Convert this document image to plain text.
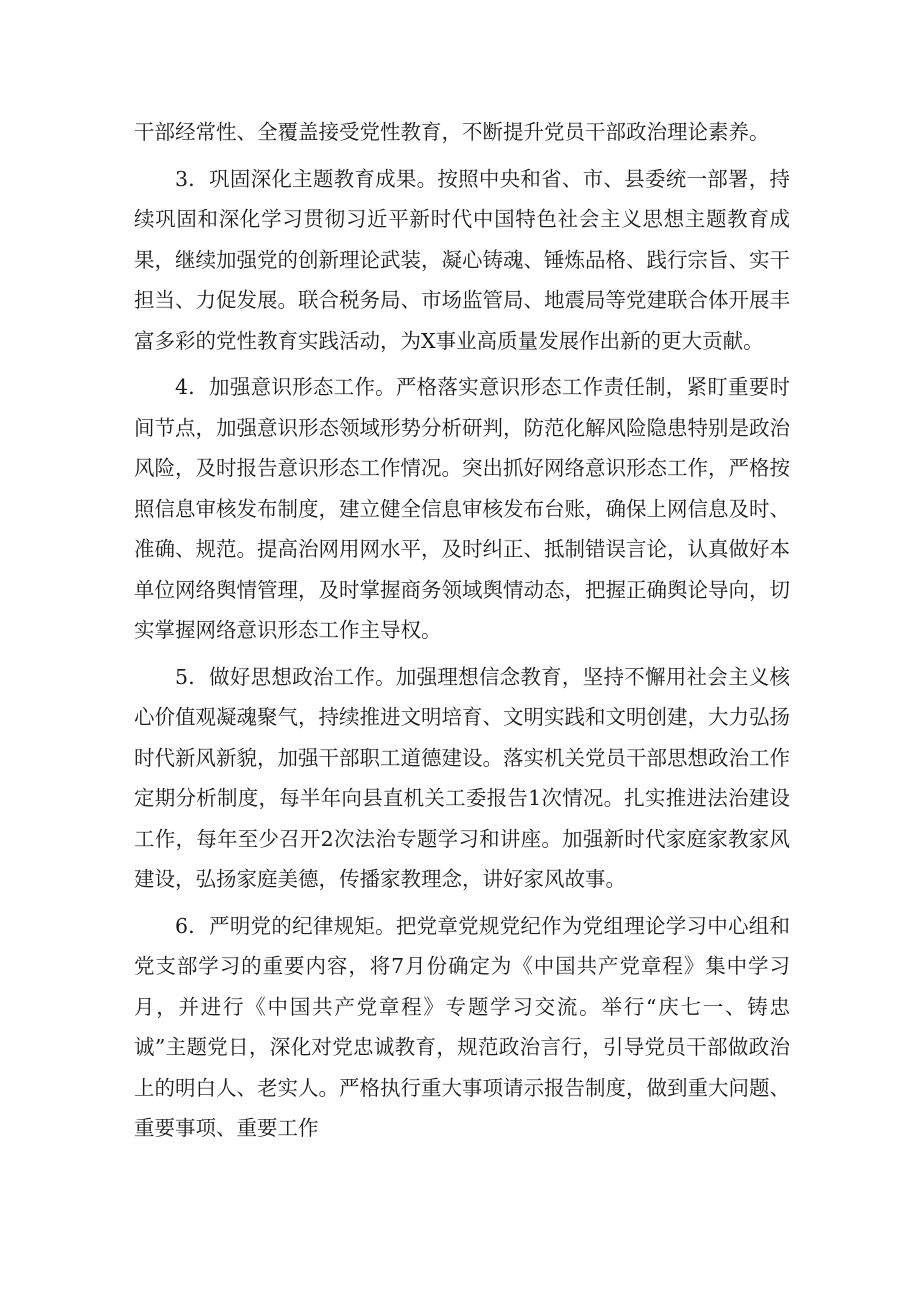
干部经常性、全覆盖接受党性教育，不断提升党员干部政治理论素养。

3．巩固深化主题教育成果。按照中央和省、市、县委统一部署，持续巩固和深化学习贯彻习近平新时代中国特色社会主义思想主题教育成果，继续加强党的创新理论武装，凝心铸魂、锤炼品格、践行宗旨、实干担当、力促发展。联合税务局、市场监管局、地震局等党建联合体开展丰富多彩的党性教育实践活动，为X事业高质量发展作出新的更大贡献。

4．加强意识形态工作。严格落实意识形态工作责任制，紧盯重要时间节点，加强意识形态领域形势分析研判，防范化解风险隐患特别是政治风险，及时报告意识形态工作情况。突出抓好网络意识形态工作，严格按照信息审核发布制度，建立健全信息审核发布台账，确保上网信息及时、准确、规范。提高治网用网水平，及时纠正、抵制错误言论，认真做好本单位网络舆情管理，及时掌握商务领域舆情动态，把握正确舆论导向，切实掌握网络意识形态工作主导权。

5．做好思想政治工作。加强理想信念教育，坚持不懈用社会主义核心价值观凝魂聚气，持续推进文明培育、文明实践和文明创建，大力弘扬时代新风新貌，加强干部职工道德建设。落实机关党员干部思想政治工作定期分析制度，每半年向县直机关工委报告1次情况。扎实推进法治建设工作，每年至少召开2次法治专题学习和讲座。加强新时代家庭家教家风建设，弘扬家庭美德，传播家教理念，讲好家风故事。

6．严明党的纪律规矩。把党章党规党纪作为党组理论学习中心组和党支部学习的重要内容，将7月份确定为《中国共产党章程》集中学习月，并进行《中国共产党章程》专题学习交流。举行“庆七一、铸忠诚”主题党日，深化对党忠诚教育，规范政治言行，引导党员干部做政治上的明白人、老实人。严格执行重大事项请示报告制度，做到重大问题、重要事项、重要工作
